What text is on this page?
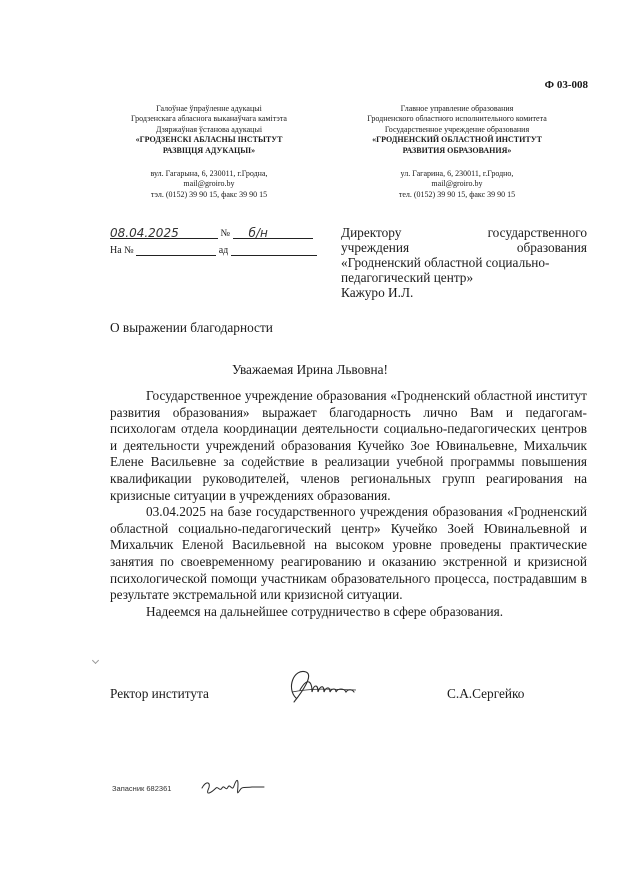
Ф 03-008
Галоўнае ўпраўленне адукацыі
Гродзенскага абласнога выканаўчага камітэта
Дзяржаўная ўстанова адукацыі
«ГРОДЗЕНСКІ АБЛАСНЫ ІНСТЫТУТ
РАЗВІЦЦЯ АДУКАЦЫІ»
вул. Гагарына, 6, 230011, г.Гродна,
mail@groiro.by
тэл. (0152) 39 90 15, факс 39 90 15
Главное управление образования
Гродненского областного исполнительного комитета
Государственное учреждение образования
«ГРОДНЕНСКИЙ ОБЛАСТНОЙ ИНСТИТУТ
РАЗВИТИЯ ОБРАЗОВАНИЯ»
ул. Гагарина, 6, 230011, г.Гродно,
mail@groiro.by
тел. (0152) 39 90 15, факс 39 90 15
08.04.2025	№ б/н
На №	ад
Директору государственного
учреждения образования
«Гродненский областной социально-
педагогический центр»
Кажуро И.Л.
О выражении благодарности
Уважаемая Ирина Львовна!

Государственное учреждение образования «Гродненский областной институт развития образования» выражает благодарность лично Вам и педагогам-психологам отдела координации деятельности социально-педагогических центров и деятельности учреждений образования Кучейко Зое Ювинальевне, Михальчик Елене Васильевне за содействие в реализации учебной программы повышения квалификации руководителей, членов региональных групп реагирования на кризисные ситуации в учреждениях образования.

03.04.2025 на базе государственного учреждения образования «Гродненский областной социально-педагогический центр» Кучейко Зоей Ювинальевной и Михальчик Еленой Васильевной на высоком уровне проведены практические занятия по своевременному реагированию и оказанию экстренной и кризисной психологической помощи участникам образовательного процесса, пострадавшим в результате экстремальной или кризисной ситуации.

Надеемся на дальнейшее сотрудничество в сфере образования.

Ректор института	С.А.Сергейко
Запасник 682361
